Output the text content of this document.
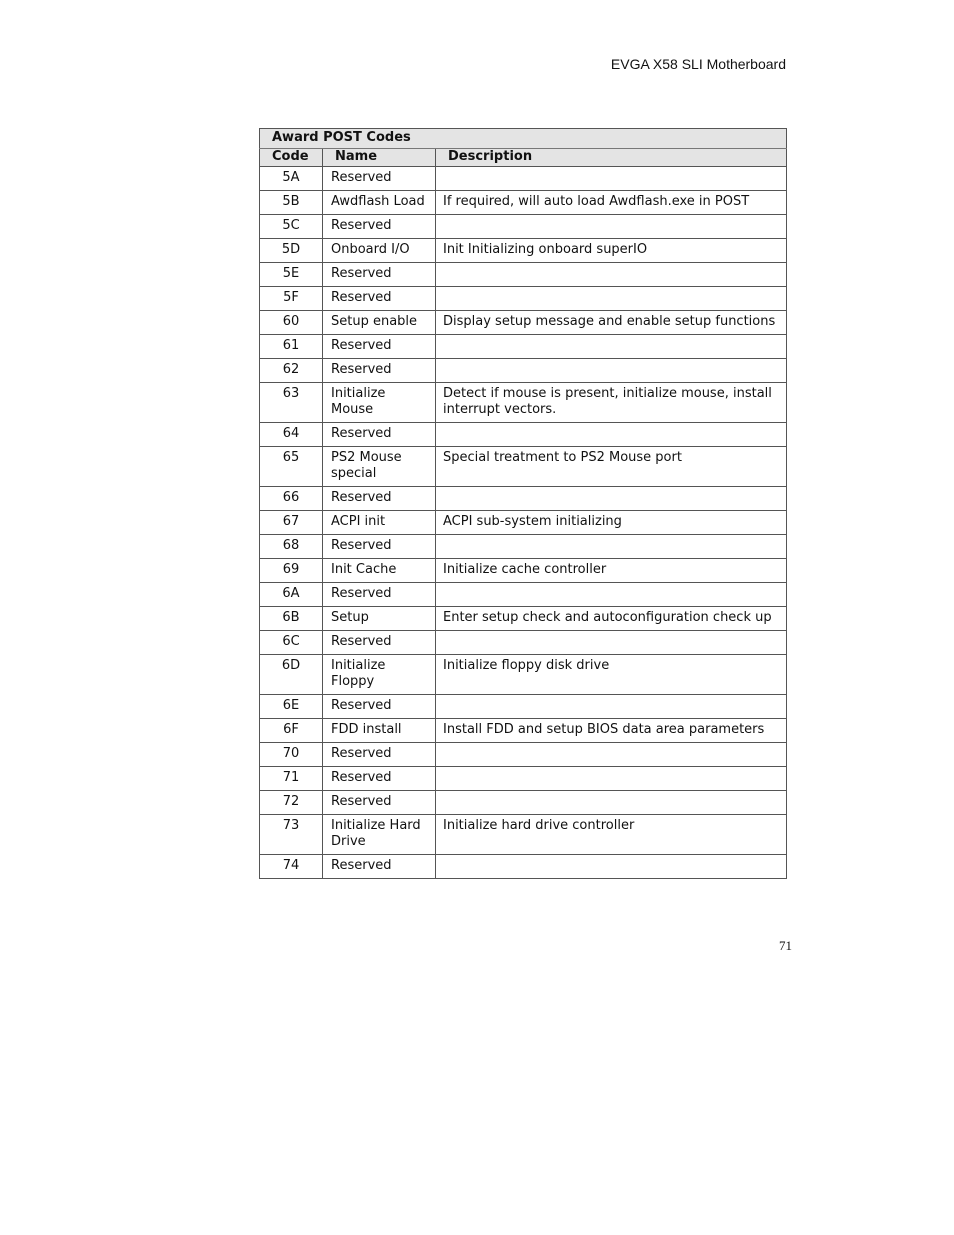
EVGA X58 SLI Motherboard
Award POST Codes		
Code	Name	Description
5A	Reserved	
5B	Awdflash Load	If required, will auto load Awdflash.exe in POST
5C	Reserved	
5D	Onboard I/O	Init Initializing onboard superIO
5E	Reserved	
5F	Reserved	
60	Setup enable	Display setup message and enable setup functions
61	Reserved	
62	Reserved	
63	Initialize Mouse	Detect if mouse is present, initialize mouse, install interrupt vectors.
64	Reserved	
65	PS2 Mouse special	Special treatment to PS2 Mouse port
66	Reserved	
67	ACPI init	ACPI sub-system initializing
68	Reserved	
69	Init Cache	Initialize cache controller
6A	Reserved	
6B	Setup	Enter setup check and autoconfiguration check up
6C	Reserved	
6D	Initialize Floppy	Initialize floppy disk drive
6E	Reserved	
6F	FDD install	Install FDD and setup BIOS data area parameters
70	Reserved	
71	Reserved	
72	Reserved	
73	Initialize Hard Drive	Initialize hard drive controller
74	Reserved	
71
